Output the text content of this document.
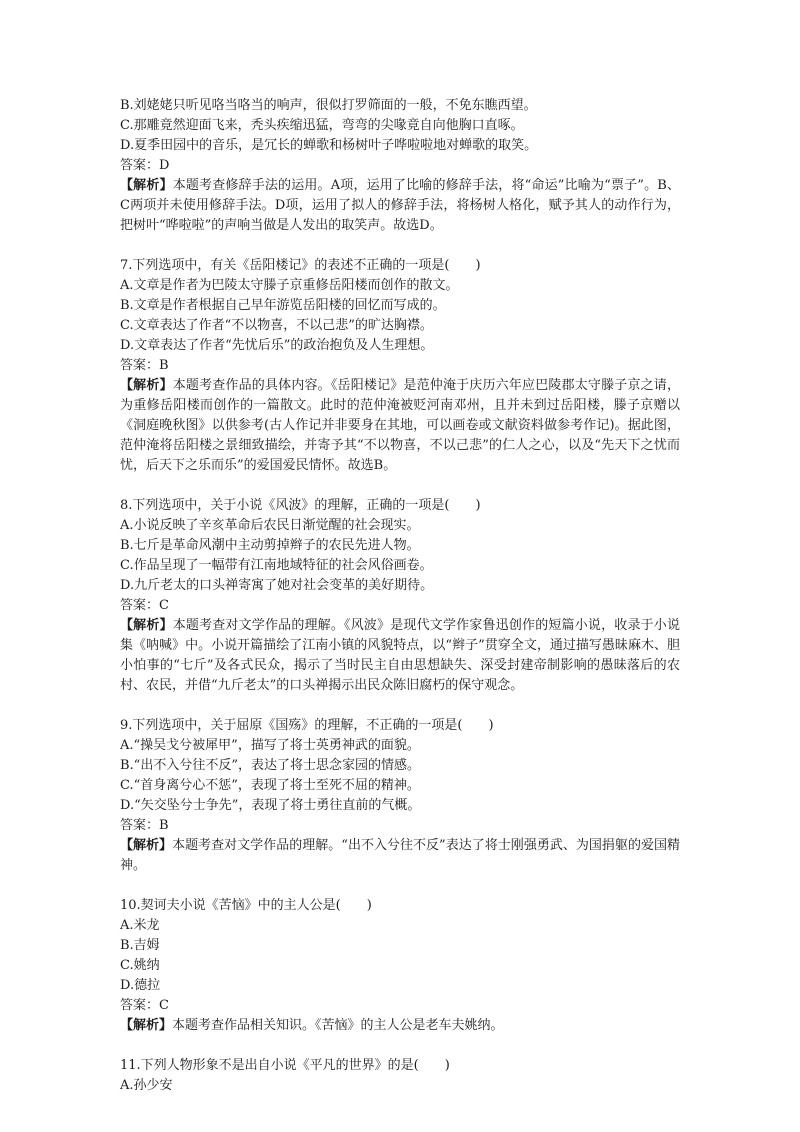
B.刘姥姥只听见咯当咯当的响声，很似打罗筛面的一般，不免东瞧西望。

C.那雕竟然迎面飞来，秃头疾缩迅猛，弯弯的尖喙竟自向他胸口直啄。

D.夏季田园中的音乐，是冗长的蝉歌和杨树叶子哗啦啦地对蝉歌的取笑。

答案：D

【解析】本题考查修辞手法的运用。A项，运用了比喻的修辞手法，将“命运”比喻为“票子”。B、C两项并未使用修辞手法。D项，运用了拟人的修辞手法，将杨树人格化，赋予其人的动作行为，把树叶“哗啦啦”的声响当做是人发出的取笑声。故选D。

7.下列选项中，有关《岳阳楼记》的表述不正确的一项是(　　)

A.文章是作者为巴陵太守滕子京重修岳阳楼而创作的散文。

B.文章是作者根据自己早年游览岳阳楼的回忆而写成的。

C.文章表达了作者“不以物喜，不以己悲”的旷达胸襟。

D.文章表达了作者“先忧后乐”的政治抱负及人生理想。

答案：B

【解析】本题考查作品的具体内容。《岳阳楼记》是范仲淹于庆历六年应巴陵郡太守滕子京之请，为重修岳阳楼而创作的一篇散文。此时的范仲淹被贬河南邓州，且并未到过岳阳楼，滕子京赠以《洞庭晚秋图》以供参考(古人作记并非要身在其地，可以画卷或文献资料做参考作记)。据此图，范仲淹将岳阳楼之景细致描绘，并寄予其“不以物喜，不以己悲”的仁人之心，以及“先天下之忧而忧，后天下之乐而乐”的爱国爱民情怀。故选B。

8.下列选项中，关于小说《风波》的理解，正确的一项是(　　)

A.小说反映了辛亥革命后农民日渐觉醒的社会现实。

B.七斤是革命风潮中主动剪掉辫子的农民先进人物。

C.作品呈现了一幅带有江南地域特征的社会风俗画卷。

D.九斤老太的口头禅寄寓了她对社会变革的美好期待。

答案：C

【解析】本题考查对文学作品的理解。《风波》是现代文学作家鲁迅创作的短篇小说，收录于小说集《呐喊》中。小说开篇描绘了江南小镇的风貌特点，以“辫子”贯穿全文，通过描写愚昧麻木、胆小怕事的“七斤”及各式民众，揭示了当时民主自由思想缺失、深受封建帝制影响的愚昧落后的农村、农民，并借“九斤老太”的口头禅揭示出民众陈旧腐朽的保守观念。

9.下列选项中，关于屈原《国殇》的理解，不正确的一项是(　　)

A.“操吴戈兮被犀甲”，描写了将士英勇神武的面貌。

B.“出不入兮往不反”，表达了将士思念家园的情感。

C.“首身离兮心不惩”，表现了将士至死不屈的精神。

D.“矢交坠兮士争先”，表现了将士勇往直前的气概。

答案：B

【解析】本题考查对文学作品的理解。“出不入兮往不反”表达了将士刚强勇武、为国捐躯的爱国精神。

10.契诃夫小说《苦恼》中的主人公是(　　)

A.米龙

B.吉姆

C.姚纳

D.德拉

答案：C

【解析】本题考查作品相关知识。《苦恼》的主人公是老车夫姚纳。

11.下列人物形象不是出自小说《平凡的世界》的是(　　)

A.孙少安
